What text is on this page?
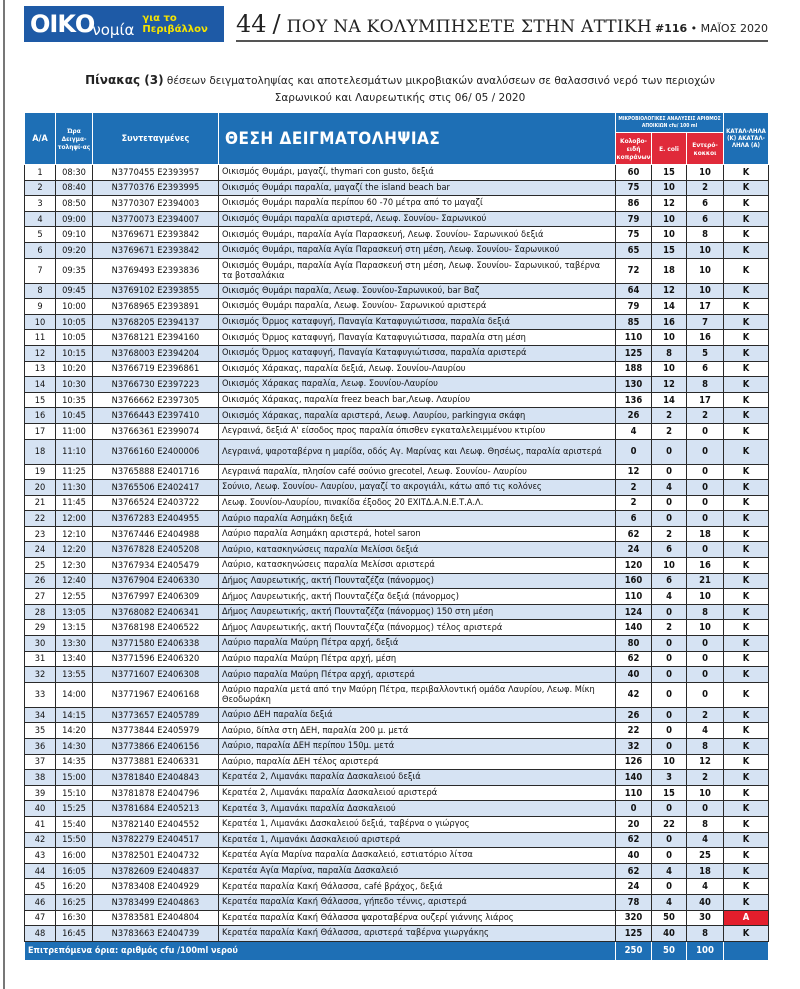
ΟΙΚΟ
νομία
για το
Περιβάλλον 44 / ΠΟΥ ΝΑ ΚΟΛΥΜΠΗΣΕΤΕ ΣΤΗΝ ΑΤΤΙΚΗ #116 • ΜΑΪΟΣ 2020
Πίνακας (3) θέσεων δειγματοληψίας και αποτελεσμάτων μικροβιακών αναλύσεων σε θαλασσινό νερό των περιοχών Σαρωνικού και Λαυρεωτικής στις 06/ 05 / 2020
Α/Α	Ώρα Δειγμα-τοληψί-ας	Συντεταγμένες	ΘΕΣΗ ΔΕΙΓΜΑΤΟΛΗΨΙΑΣ	ΜΙΚΡΟΒΙΟΛΟΓΙΚΕΣ ΑΝΑΛΥΣΕΙΣ ΑΡΙΘΜΟΣ ΑΠΟΙΚΙΩΝ cfu/ 100 ml			ΚΑΤΑΛ-ΛΗΛΑ (Κ) ΑΚΑΤΑΛ-ΛΗΛΑ (Α)
				Κολοβο-ειδή κοπράνων	E. coli	Εντερό-κοκκοι	
1	08:30	N3770455 E2393957	Οικισμός Θυμάρι, μαγαζί, thymari con gusto, δεξιά	60	15	10	Κ
2	08:40	N3770376 E2393995	Οικισμός Θυμάρι παραλία, μαγαζί the island beach bar	75	10	2	Κ
3	08:50	N3770307 E2394003	Οικισμός Θυμάρι παραλία περίπου 60 -70 μέτρα από το μαγαζί	86	12	6	Κ
4	09:00	N3770073 E2394007	Οικισμός Θυμάρι παραλία αριστερά, Λεωφ. Σουνίου- Σαρωνικού	79	10	6	Κ
5	09:10	N3769671 E2393842	Οικισμός Θυμάρι, παραλία Αγία Παρασκευή, Λεωφ. Σουνίου- Σαρωνικού δεξιά	75	10	8	Κ
6	09:20	N3769671 E2393842	Οικισμός Θυμάρι, παραλία Αγία Παρασκευή στη μέση, Λεωφ. Σουνίου- Σαρωνικού	65	15	10	Κ
7	09:35	N3769493 E2393836	Οικισμός Θυμάρι, παραλία Αγία Παρασκευή στη μέση, Λεωφ. Σουνίου- Σαρωνικού, ταβέρνα τα βοτσαλάκια	72	18	10	Κ
8	09:45	N3769102 E2393855	Οικισμός Θυμάρι παραλία, Λεωφ. Σουνίου-Σαρωνικού, bar Βαζ	64	12	10	Κ
9	10:00	N3768965 E2393891	Οικισμός Θυμάρι παραλία, Λεωφ. Σουνίου- Σαρωνικού αριστερά	79	14	17	Κ
10	10:05	N3768205 E2394137	Οικισμός Όρμος καταφυγή, Παναγία Καταφυγιώτισσα, παραλία δεξιά	85	16	7	Κ
11	10:05	N3768121 E2394160	Οικισμός Όρμος καταφυγή, Παναγία Καταφυγιώτισσα, παραλία στη μέση	110	10	16	Κ
12	10:15	N3768003 E2394204	Οικισμός Όρμος καταφυγή, Παναγία Καταφυγιώτισσα, παραλία αριστερά	125	8	5	Κ
13	10:20	N3766719 E2396861	Οικισμός Χάρακας, παραλία δεξιά, Λεωφ. Σουνίου-Λαυρίου	188	10	6	Κ
14	10:30	N3766730 E2397223	Οικισμός Χάρακας παραλία, Λεωφ. Σουνίου-Λαυρίου	130	12	8	Κ
15	10:35	N3766662 E2397305	Οικισμός Χάρακας, παραλία freez beach bar,Λεωφ. Λαυρίου	136	14	17	Κ
16	10:45	N3766443 E2397410	Οικισμός Χάρακας, παραλία αριστερά, Λεωφ. Λαυρίου, parkingγια σκάφη	26	2	2	Κ
17	11:00	N3766361 E2399074	Λεγραινά, δεξιά Α' είσοδος προς παραλία όπισθεν εγκαταλελειμμένου κτιρίου	4	2	0	Κ
18	11:10	N3766160 E2400006	Λεγραινά, ψαροταβέρνα η μαρίδα, οδός Αγ. Μαρίνας και Λεωφ. Θησέως, παραλία αριστερά	0	0	0	Κ
19	11:25	N3765888 E2401716	Λεγραινά παραλία, πλησίον café σούνιο grecotel, Λεωφ. Σουνίου- Λαυρίου	12	0	0	Κ
20	11:30	N3765506 E2402417	Σούνιο, Λεωφ. Σουνίου- Λαυρίου, μαγαζί το ακρογιάλι, κάτω από τις κολόνες	2	4	0	Κ
21	11:45	N3766524 E2403722	Λεωφ. Σουνίου-Λαυρίου, πινακίδα έξοδος 20 EXITΔ.Α.Ν.Ε.Τ.Α.Λ.	2	0	0	Κ
22	12:00	N3767283 E2404955	Λαύριο παραλία Ασημάκη δεξιά	6	0	0	Κ
23	12:10	N3767446 E2404988	Λαύριο παραλία Ασημάκη αριστερά, hotel saron	62	2	18	Κ
24	12:20	N3767828 E2405208	Λαύριο, κατασκηνώσεις παραλία Μελίσσι δεξιά	24	6	0	Κ
25	12:30	N3767934 E2405479	Λαύριο, κατασκηνώσεις παραλία Μελίσσι αριστερά	120	10	16	Κ
26	12:40	N3767904 E2406330	Δήμος Λαυρεωτικής, ακτή Πουνταζέζα (πάνορμος)	160	6	21	Κ
27	12:55	N3767997 E2406309	Δήμος Λαυρεωτικής, ακτή Πουνταζέζα δεξιά (πάνορμος)	110	4	10	Κ
28	13:05	N3768082 E2406341	Δήμος Λαυρεωτικής, ακτή Πουνταζέζα (πάνορμος) 150 στη μέση	124	0	8	Κ
29	13:15	N3768198 E2406522	Δήμος Λαυρεωτικής, ακτή Πουνταζέζα (πάνορμος) τέλος αριστερά	140	2	10	Κ
30	13:30	N3771580 E2406338	Λαύριο παραλία Μαύρη Πέτρα αρχή, δεξιά	80	0	0	Κ
31	13:40	N3771596 E2406320	Λαύριο παραλία Μαύρη Πέτρα αρχή, μέση	62	0	0	Κ
32	13:55	N3771607 E2406308	Λαύριο παραλία Μαύρη Πέτρα αρχή, αριστερά	40	0	0	Κ
33	14:00	N3771967 E2406168	Λαύριο παραλία μετά από την Μαύρη Πέτρα, περιβαλλοντική ομάδα Λαυρίου, Λεωφ. Μίκη Θεοδωράκη	42	0	0	Κ
34	14:15	N3773657 E2405789	Λαύριο ΔΕΗ παραλία δεξιά	26	0	2	Κ
35	14:20	N3773844 E2405979	Λαύριο, δίπλα στη ΔΕΗ, παραλία 200 μ. μετά	22	0	4	Κ
36	14:30	N3773866 E2406156	Λαύριο, παραλία ΔΕΗ περίπου 150μ. μετά	32	0	8	Κ
37	14:35	N3773881 E2406331	Λαύριο, παραλία ΔΕΗ τέλος αριστερά	126	10	12	Κ
38	15:00	N3781840 E2404843	Κερατέα 2, Λιμανάκι παραλία Δασκαλειού δεξιά	140	3	2	Κ
39	15:10	N3781878 E2404796	Κερατέα 2, Λιμανάκι παραλία Δασκαλειού αριστερά	110	15	10	Κ
40	15:25	N3781684 E2405213	Κερατέα 3, Λιμανάκι παραλία Δασκαλειού	0	0	0	Κ
41	15:40	N3782140 E2404552	Κερατέα 1, Λιμανάκι Δασκαλειού δεξιά, ταβέρνα ο γιώργος	20	22	8	Κ
42	15:50	N3782279 E2404517	Κερατέα 1, Λιμανάκι Δασκαλειού αριστερά	62	0	4	Κ
43	16:00	N3782501 E2404732	Κερατέα Αγία Μαρίνα παραλία Δασκαλειό, εστιατόριο λίτσα	40	0	25	Κ
44	16:05	N3782609 E2404837	Κερατέα Αγία Μαρίνα, παραλία Δασκαλειό	62	4	18	Κ
45	16:20	N3783408 E2404929	Κερατέα παραλία Κακή Θάλασσα, café βράχος, δεξιά	24	0	4	Κ
46	16:25	N3783499 E2404863	Κερατέα παραλία Κακή Θάλασσα, γήπεδο τέννις, αριστερά	78	4	40	Κ
47	16:30	N3783581 E2404804	Κερατέα παραλία Κακή Θάλασσα ψαροταβέρνα ουζερί γιάννης λιάρος	320	50	30	Α
48	16:45	N3783663 E2404739	Κερατέα παραλία Κακή Θάλασσα, αριστερά ταβέρνα γιωργάκης	125	40	8	Κ
Επιτρεπόμενα όρια: αριθμός cfu /100ml νερού				250	50	100	
